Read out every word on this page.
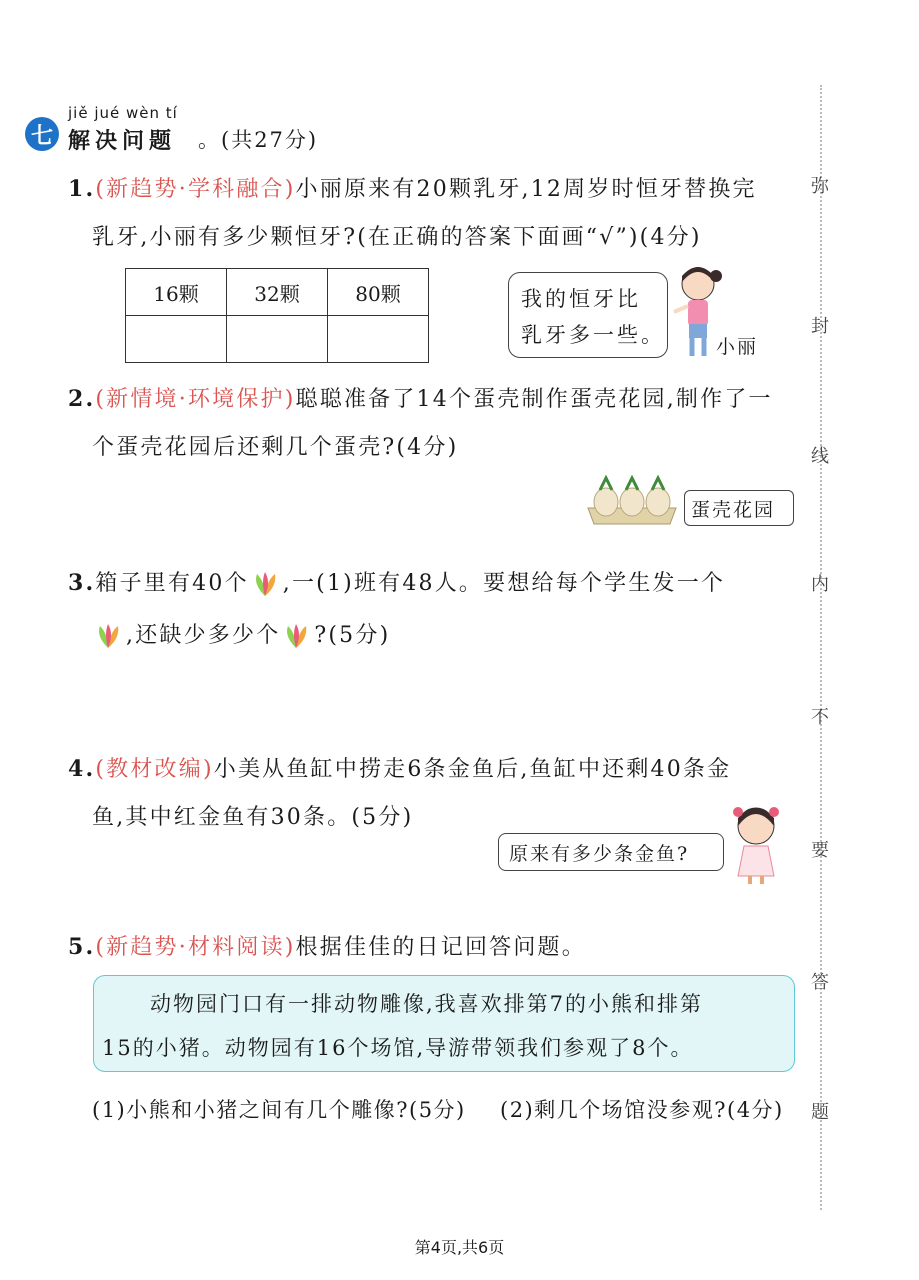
弥
封
线
内
不
要
答
题
七
jiě jué wèn tí
解决问题 。(共27分)
1.(新趋势·学科融合)小丽原来有20颗乳牙,12周岁时恒牙替换完
乳牙,小丽有多少颗恒牙?(在正确的答案下面画“√”)(4分)
16颗	32颗	80颗
			我的恒牙比
乳牙多一些。	小丽
2.(新情境·环境保护)聪聪准备了14个蛋壳制作蛋壳花园,制作了一
个蛋壳花园后还剩几个蛋壳?(4分)
蛋壳花园
3.箱子里有40个 ,一(1)班有48人。要想给每个学生发一个
,还缺少多少个 ?(5分)
4.(教材改编)小美从鱼缸中捞走6条金鱼后,鱼缸中还剩40条金
鱼,其中红金鱼有30条。(5分)
原来有多少条金鱼?
5.(新趋势·材料阅读)根据佳佳的日记回答问题。
动物园门口有一排动物雕像,我喜欢排第7的小熊和排第
15的小猪。动物园有16个场馆,导游带领我们参观了8个。
(1)小熊和小猪之间有几个雕像?(5分) (2)剩几个场馆没参观?(4分)
第4页,共6页
